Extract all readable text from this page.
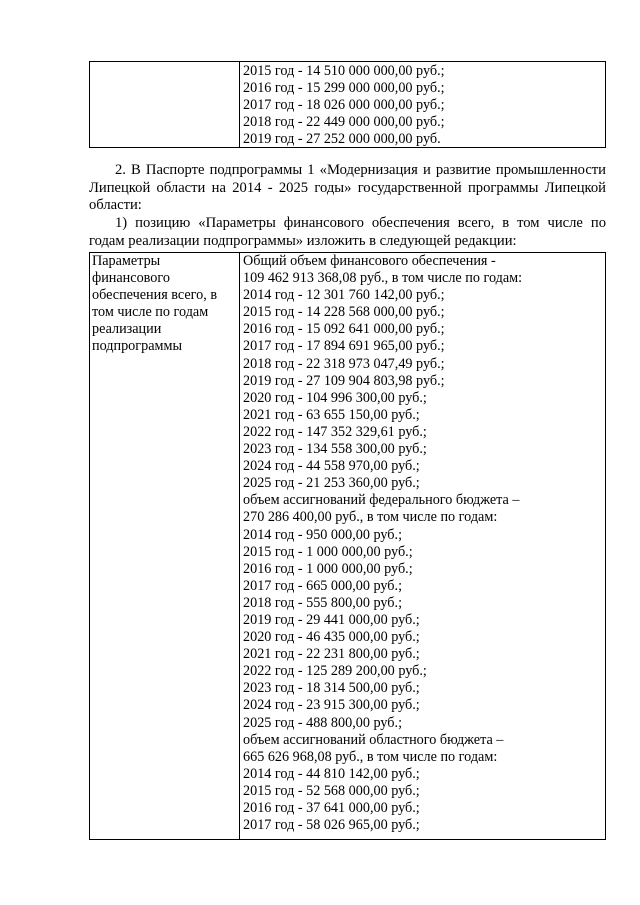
2015 год - 14 510 000 000,00 руб.;
2016 год - 15 299 000 000,00 руб.;
2017 год - 18 026 000 000,00 руб.;
2018 год - 22 449 000 000,00 руб.;
2019 год - 27 252 000 000,00 руб.

2. В Паспорте подпрограммы 1 «Модернизация и развитие промышленности Липецкой области на 2014 - 2025 годы» государственной программы Липецкой области:

1) позицию «Параметры финансового обеспечения всего, в том числе по годам реализации подпрограммы» изложить в следующей редакции:

Параметры
финансового
обеспечения всего, в
том числе по годам
реализации
подпрограммы

Общий объем финансового обеспечения -
109 462 913 368,08 руб., в том числе по годам:
2014 год - 12 301 760 142,00 руб.;
2015 год - 14 228 568 000,00 руб.;
2016 год - 15 092 641 000,00 руб.;
2017 год - 17 894 691 965,00 руб.;
2018 год - 22 318 973 047,49 руб.;
2019 год - 27 109 904 803,98 руб.;
2020 год - 104 996 300,00 руб.;
2021 год - 63 655 150,00 руб.;
2022 год - 147 352 329,61 руб.;
2023 год - 134 558 300,00 руб.;
2024 год - 44 558 970,00 руб.;
2025 год - 21 253 360,00 руб.;
объем ассигнований федерального бюджета –
270 286 400,00 руб., в том числе по годам:
2014 год - 950 000,00 руб.;
2015 год - 1 000 000,00 руб.;
2016 год - 1 000 000,00 руб.;
2017 год - 665 000,00 руб.;
2018 год - 555 800,00 руб.;
2019 год - 29 441 000,00 руб.;
2020 год - 46 435 000,00 руб.;
2021 год - 22 231 800,00 руб.;
2022 год - 125 289 200,00 руб.;
2023 год - 18 314 500,00 руб.;
2024 год - 23 915 300,00 руб.;
2025 год - 488 800,00 руб.;
объем ассигнований областного бюджета –
665 626 968,08 руб., в том числе по годам:
2014 год - 44 810 142,00 руб.;
2015 год - 52 568 000,00 руб.;
2016 год - 37 641 000,00 руб.;
2017 год - 58 026 965,00 руб.;
